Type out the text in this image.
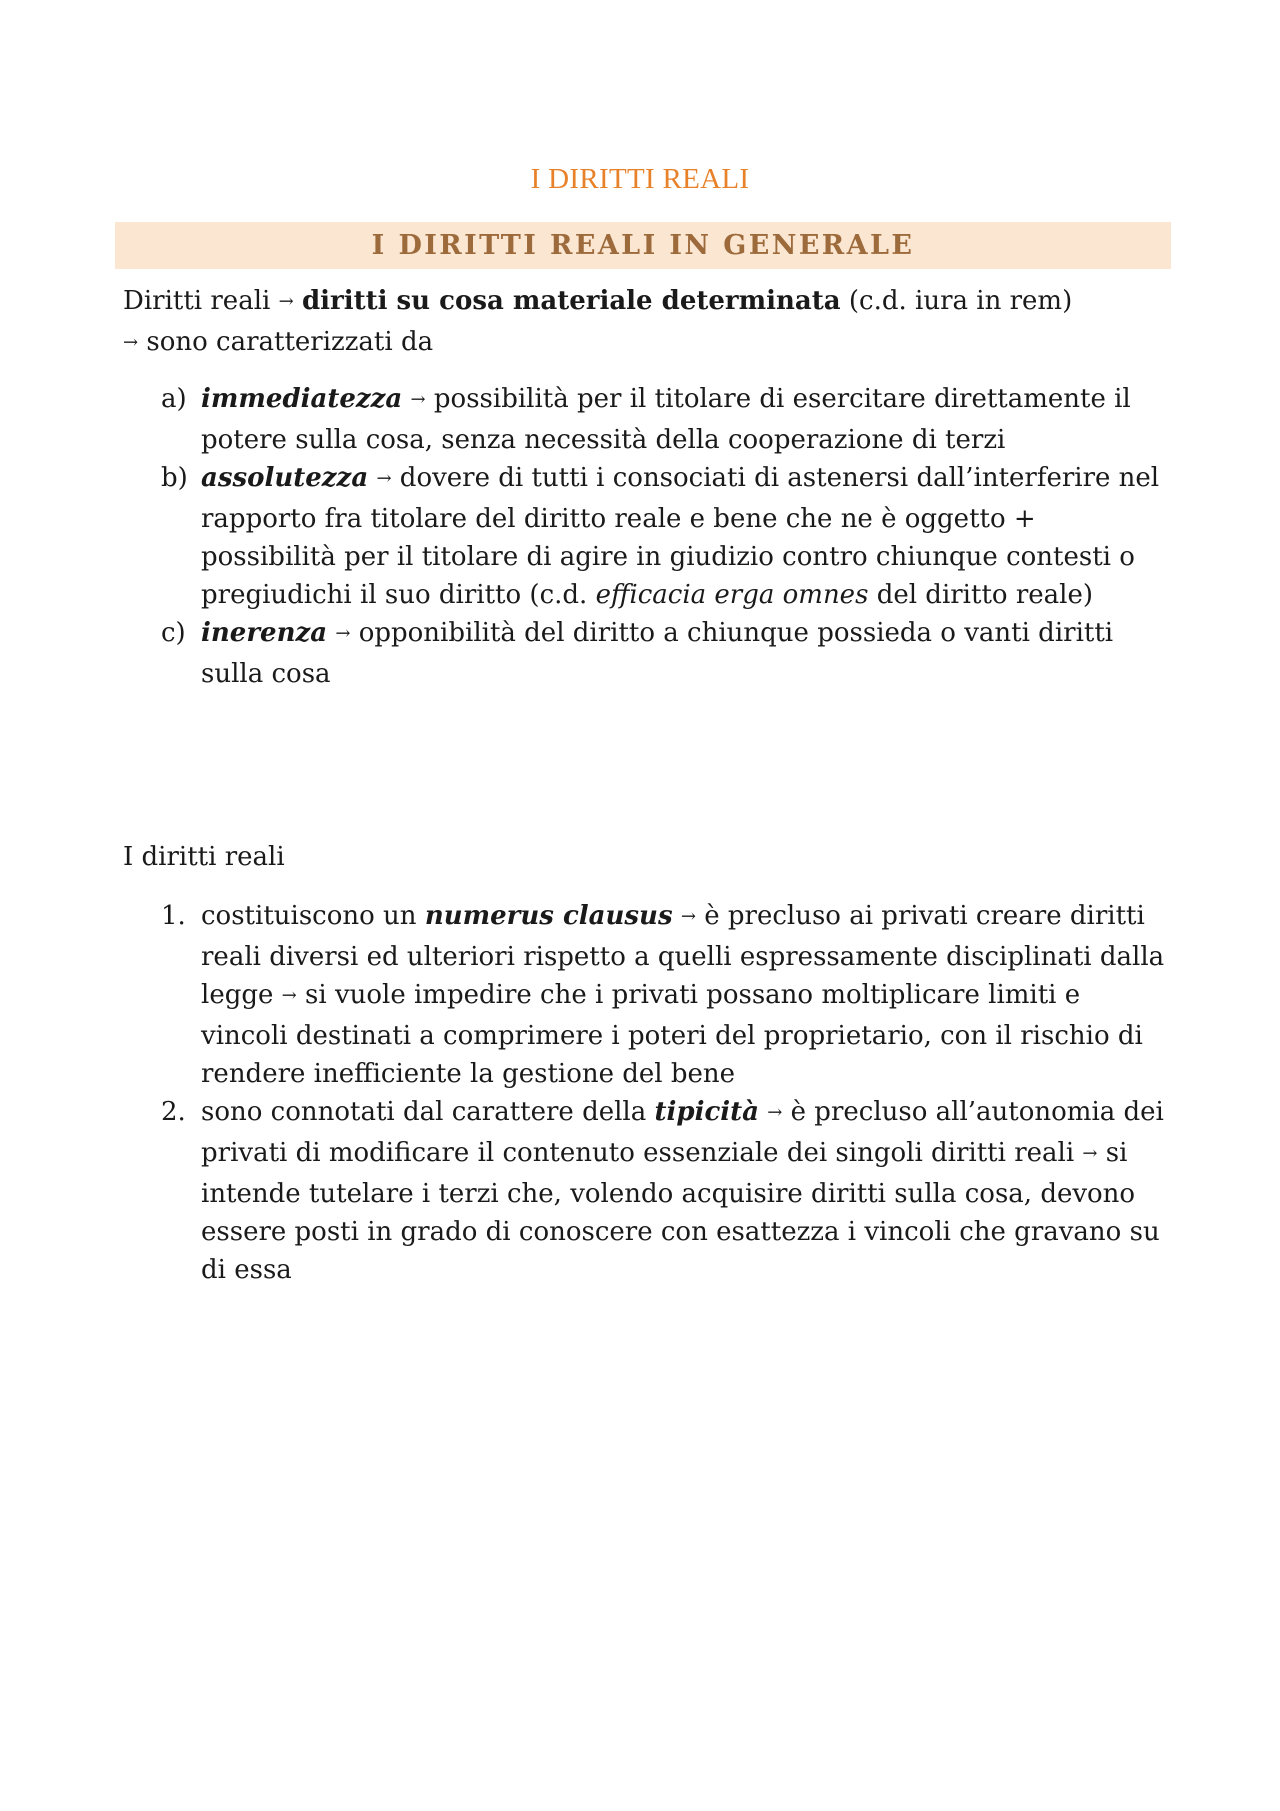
I DIRITTI REALI
I DIRITTI REALI IN GENERALE

Diritti reali → diritti su cosa materiale determinata (c.d. iura in rem)
→ sono caratterizzati da

a) immediatezza → possibilità per il titolare di esercitare direttamente il potere sulla cosa, senza necessità della cooperazione di terzi
b) assolutezza → dovere di tutti i consociati di astenersi dall’interferire nel rapporto fra titolare del diritto reale e bene che ne è oggetto + possibilità per il titolare di agire in giudizio contro chiunque contesti o pregiudichi il suo diritto (c.d. efficacia erga omnes del diritto reale)
c) inerenza → opponibilità del diritto a chiunque possieda o vanti diritti sulla cosa

I diritti reali

1. costituiscono un numerus clausus → è precluso ai privati creare diritti reali diversi ed ulteriori rispetto a quelli espressamente disciplinati dalla legge → si vuole impedire che i privati possano moltiplicare limiti e vincoli destinati a comprimere i poteri del proprietario, con il rischio di rendere inefficiente la gestione del bene
2. sono connotati dal carattere della tipicità → è precluso all’autonomia dei privati di modificare il contenuto essenziale dei singoli diritti reali → si intende tutelare i terzi che, volendo acquisire diritti sulla cosa, devono essere posti in grado di conoscere con esattezza i vincoli che gravano su di essa
